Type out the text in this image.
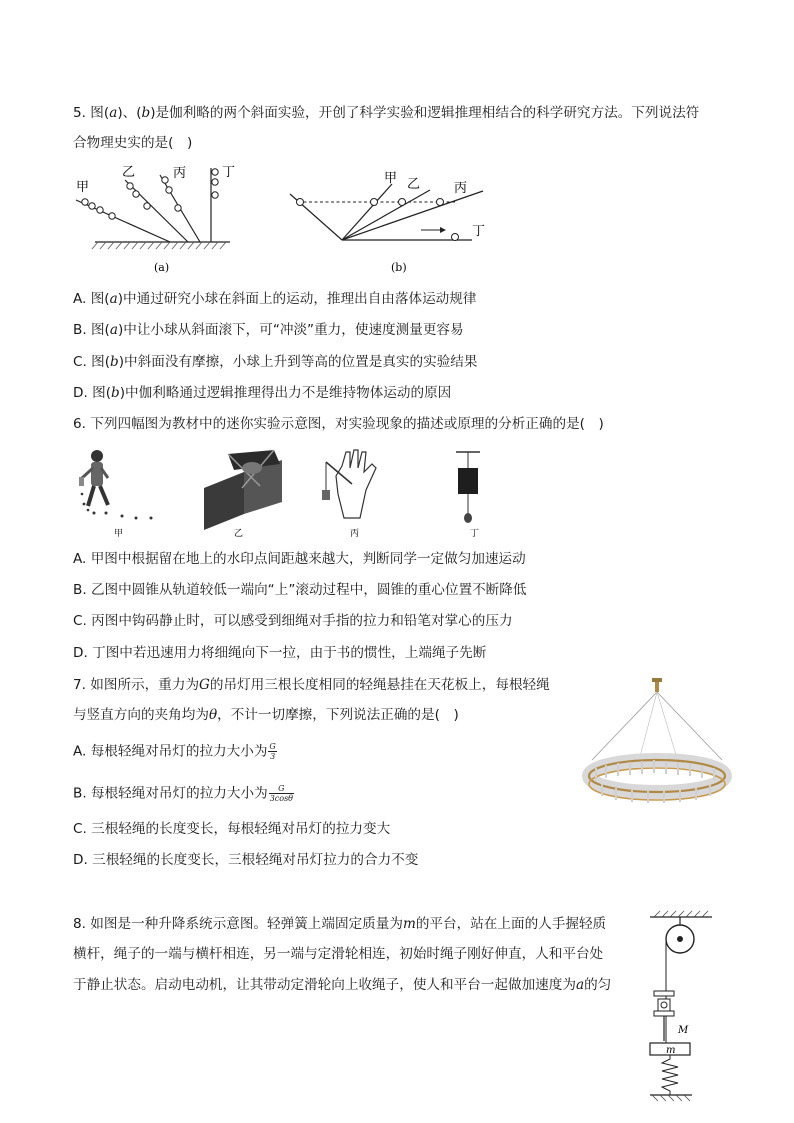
5. 图(a)、(b)是伽利略的两个斜面实验，开创了科学实验和逻辑推理相结合的科学研究方法。下列说法符
合物理史实的是(　)
甲
乙	丙	丁
(a)
甲 乙	丙
丁
(b)
A. 图(a)中通过研究小球在斜面上的运动，推理出自由落体运动规律
B. 图(a)中让小球从斜面滚下，可“冲淡”重力，使速度测量更容易
C. 图(b)中斜面没有摩擦，小球上升到等高的位置是真实的实验结果
D. 图(b)中伽利略通过逻辑推理得出力不是维持物体运动的原因
6. 下列四幅图为教材中的迷你实验示意图，对实验现象的描述或原理的分析正确的是(　)
甲	乙	丙	丁
A. 甲图中根据留在地上的水印点间距越来越大，判断同学一定做匀加速运动
B. 乙图中圆锥从轨道较低一端向“上”滚动过程中，圆锥的重心位置不断降低
C. 丙图中钩码静止时，可以感受到细绳对手指的拉力和铅笔对掌心的压力
D. 丁图中若迅速用力将细绳向下一拉，由于书的惯性，上端绳子先断
7. 如图所示，重力为G的吊灯用三根长度相同的轻绳悬挂在天花板上，每根轻绳
与竖直方向的夹角均为θ，不计一切摩擦，下列说法正确的是(　)
A. 每根轻绳对吊灯的拉力大小为 $\frac{G}{3}$
B. 每根轻绳对吊灯的拉力大小为 $\frac{G}{3\cos\theta}$
C. 三根轻绳的长度变长，每根轻绳对吊灯的拉力变大
D. 三根轻绳的长度变长，三根轻绳对吊灯拉力的合力不变
8. 如图是一种升降系统示意图。轻弹簧上端固定质量为m的平台，站在上面的人手握轻质
横杆，绳子的一端与横杆相连，另一端与定滑轮相连，初始时绳子刚好伸直，人和平台处
于静止状态。启动电动机，让其带动定滑轮向上收绳子，使人和平台一起做加速度为a的匀
M
m
